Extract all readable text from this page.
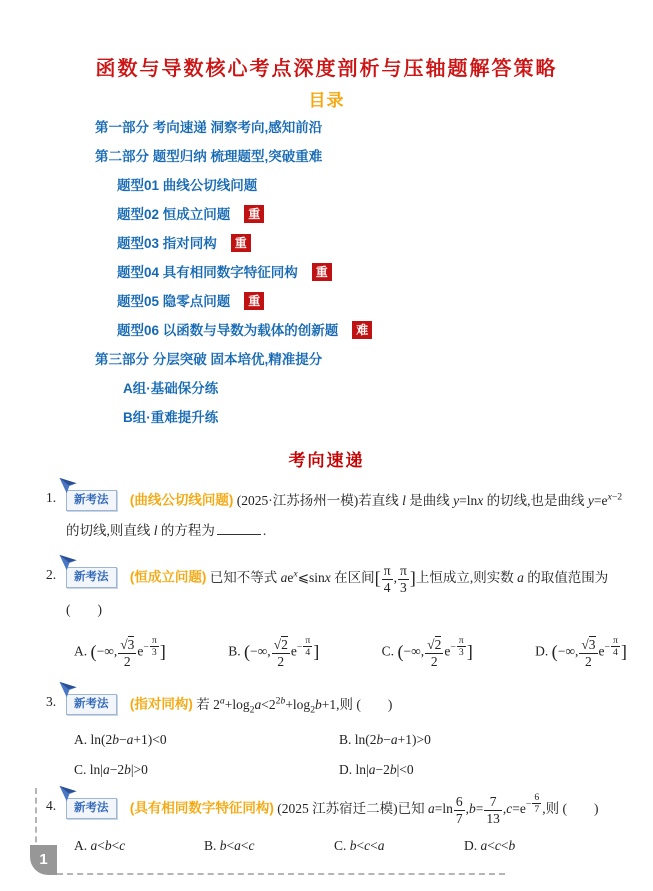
函数与导数核心考点深度剖析与压轴题解答策略
目录
第一部分 考向速递 洞察考向,感知前沿
第二部分 题型归纳 梳理题型,突破重难
题型01 曲线公切线问题
题型02 恒成立问题 重
题型03 指对同构 重
题型04 具有相同数字特征同构 重
题型05 隐零点问题 重
题型06 以函数与导数为载体的创新题 难
第三部分 分层突破 固本培优,精准提分
A组·基础保分练
B组·重难提升练
考向速递
1.	新考法 (曲线公切线问题) (2025·江苏扬州一模)若直线 l 是曲线 y=lnx 的切线,也是曲线 $y=e^{x-2}$ 的切线,则直线 l 的方程为	.
2.	新考法 (恒成立问题) 已知不等式 $ae^x⩽\sin x$ 在区间[ $\frac{\pi}{4}$ , $\frac{\pi}{3}$ ]上恒成立,则实数 a 的取值范围为
(  )
A. (−∞, $\frac{√3}{2} e^{- \frac{\pi}{3}}$ ]	B. (−∞, $\frac{√2}{2} e^{- \frac{\pi}{4}}$ ]	C. (−∞, $\frac{√2}{2} e^{- \frac{\pi}{3}}$ ]	D. (−∞, $\frac{√3}{2} e^{- \frac{\pi}{4}}$ ]
3.	新考法 (指对同构) 若 $2^a+\log_2a<2^{2b}+\log_2b+1$,则 (  )
A. ln(2b−a+1)<0	B. ln(2b−a+1)>0
C. ln|a−2b|>0	D. ln|a−2b|<0
4.	新考法 (具有相同数字特征同构) (2025 江苏宿迁二模)已知 $a=\ln \frac{6}{7} ,b= \frac{7}{13} ,c=e^{- \frac{6}{7}}$ ,则 (  )
A. a<b<c	B. b<a<c	C. b<c<a	D. a<c<b
1
